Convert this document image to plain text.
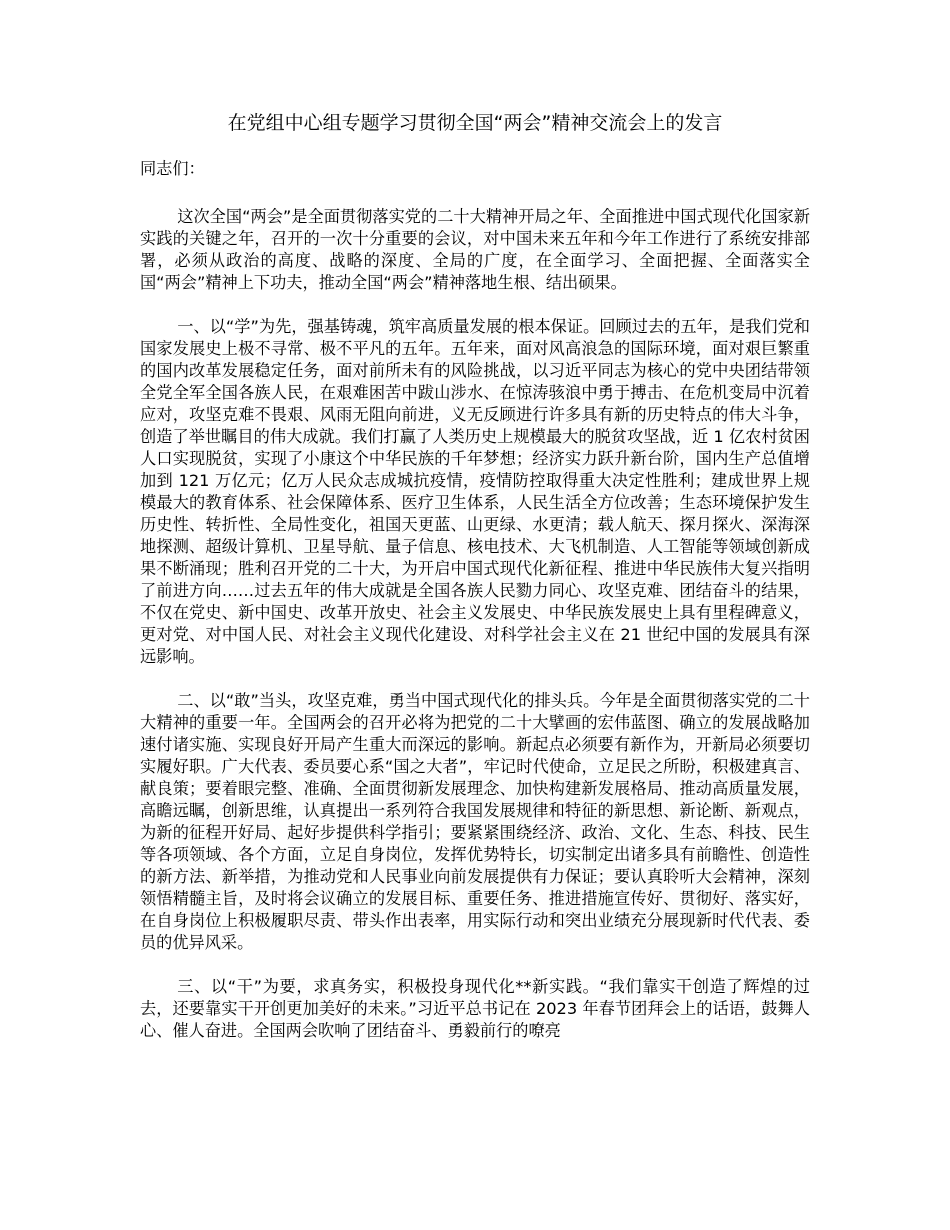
在党组中心组专题学习贯彻全国“两会”精神交流会上的发言

同志们：

这次全国“两会”是全面贯彻落实党的二十大精神开局之年、全面推进中国式现代化国家新实践的关键之年，召开的一次十分重要的会议，对中国未来五年和今年工作进行了系统安排部署，必须从政治的高度、战略的深度、全局的广度，在全面学习、全面把握、全面落实全国“两会”精神上下功夫，推动全国“两会”精神落地生根、结出硕果。

一、以“学”为先，强基铸魂，筑牢高质量发展的根本保证。回顾过去的五年，是我们党和国家发展史上极不寻常、极不平凡的五年。五年来，面对风高浪急的国际环境，面对艰巨繁重的国内改革发展稳定任务，面对前所未有的风险挑战，以习近平同志为核心的党中央团结带领全党全军全国各族人民，在艰难困苦中跋山涉水、在惊涛骇浪中勇于搏击、在危机变局中沉着应对，攻坚克难不畏艰、风雨无阻向前进，义无反顾进行许多具有新的历史特点的伟大斗争，创造了举世瞩目的伟大成就。我们打赢了人类历史上规模最大的脱贫攻坚战，近 1 亿农村贫困人口实现脱贫，实现了小康这个中华民族的千年梦想；经济实力跃升新台阶，国内生产总值增加到 121 万亿元；亿万人民众志成城抗疫情，疫情防控取得重大决定性胜利；建成世界上规模最大的教育体系、社会保障体系、医疗卫生体系，人民生活全方位改善；生态环境保护发生历史性、转折性、全局性变化，祖国天更蓝、山更绿、水更清；载人航天、探月探火、深海深地探测、超级计算机、卫星导航、量子信息、核电技术、大飞机制造、人工智能等领域创新成果不断涌现；胜利召开党的二十大，为开启中国式现代化新征程、推进中华民族伟大复兴指明了前进方向……过去五年的伟大成就是全国各族人民勠力同心、攻坚克难、团结奋斗的结果，不仅在党史、新中国史、改革开放史、社会主义发展史、中华民族发展史上具有里程碑意义，更对党、对中国人民、对社会主义现代化建设、对科学社会主义在 21 世纪中国的发展具有深远影响。

二、以“敢”当头，攻坚克难，勇当中国式现代化的排头兵。今年是全面贯彻落实党的二十大精神的重要一年。全国两会的召开必将为把党的二十大擘画的宏伟蓝图、确立的发展战略加速付诸实施、实现良好开局产生重大而深远的影响。新起点必须要有新作为，开新局必须要切实履好职。广大代表、委员要心系“国之大者”，牢记时代使命，立足民之所盼，积极建真言、献良策；要着眼完整、准确、全面贯彻新发展理念、加快构建新发展格局、推动高质量发展，高瞻远瞩，创新思维，认真提出一系列符合我国发展规律和特征的新思想、新论断、新观点，为新的征程开好局、起好步提供科学指引；要紧紧围绕经济、政治、文化、生态、科技、民生等各项领域、各个方面，立足自身岗位，发挥优势特长，切实制定出诸多具有前瞻性、创造性的新方法、新举措，为推动党和人民事业向前发展提供有力保证；要认真聆听大会精神，深刻领悟精髓主旨，及时将会议确立的发展目标、重要任务、推进措施宣传好、贯彻好、落实好，在自身岗位上积极履职尽责、带头作出表率，用实际行动和突出业绩充分展现新时代代表、委员的优异风采。

三、以“干”为要，求真务实，积极投身现代化**新实践。“我们靠实干创造了辉煌的过去，还要靠实干开创更加美好的未来。”习近平总书记在 2023 年春节团拜会上的话语，鼓舞人心、催人奋进。全国两会吹响了团结奋斗、勇毅前行的嘹亮
